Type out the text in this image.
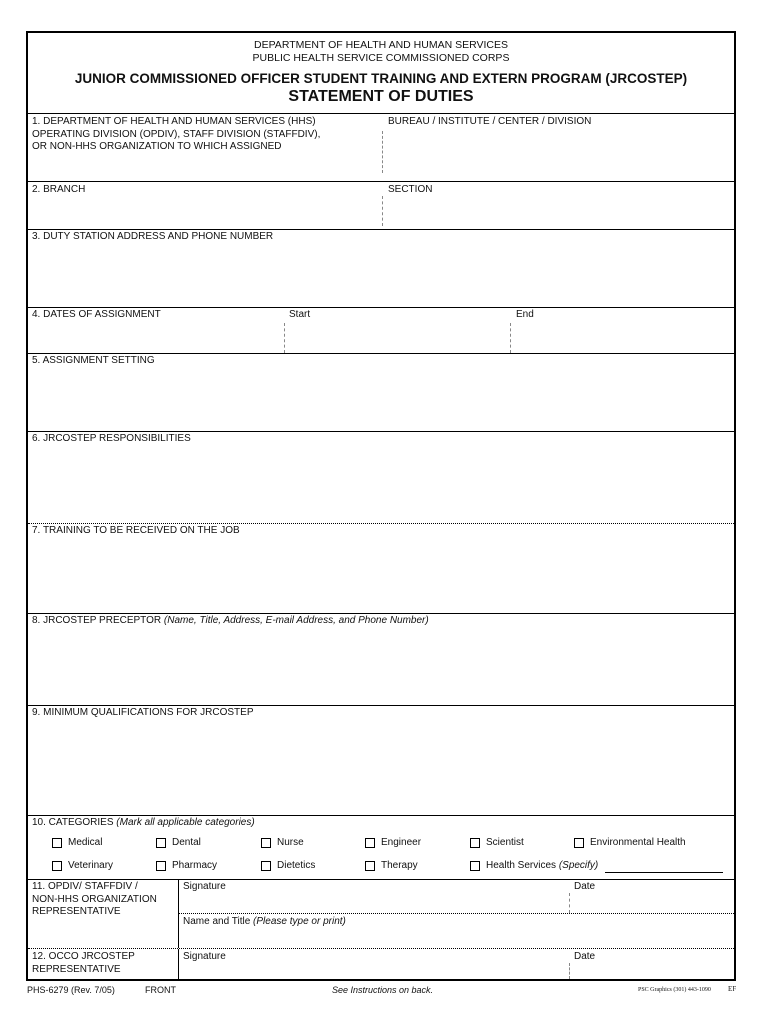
DEPARTMENT OF HEALTH AND HUMAN SERVICES
PUBLIC HEALTH SERVICE COMMISSIONED CORPS
JUNIOR COMMISSIONED OFFICER STUDENT TRAINING AND EXTERN PROGRAM (JRCOSTEP)
STATEMENT OF DUTIES
1. DEPARTMENT OF HEALTH AND HUMAN SERVICES (HHS)
OPERATING DIVISION (OPDIV), STAFF DIVISION (STAFFDIV),
OR NON-HHS ORGANIZATION TO WHICH ASSIGNED
BUREAU / INSTITUTE / CENTER / DIVISION
2. BRANCH	SECTION
3. DUTY STATION ADDRESS AND PHONE NUMBER
4. DATES OF ASSIGNMENT	Start	End
5. ASSIGNMENT SETTING
6. JRCOSTEP RESPONSIBILITIES
7. TRAINING TO BE RECEIVED ON THE JOB
8. JRCOSTEP PRECEPTOR (Name, Title, Address, E-mail Address, and Phone Number)
9. MINIMUM QUALIFICATIONS FOR JRCOSTEP
10. CATEGORIES (Mark all applicable categories)
Medical	Dental	Nurse	Engineer	Scientist	Environmental Health
Veterinary	Pharmacy	Dietetics	Therapy	Health Services (Specify)
11. OPDIV/ STAFFDIV /
NON-HHS ORGANIZATION
REPRESENTATIVE
Signature	Date
Name and Title (Please type or print)
12. OCCO JRCOSTEP
REPRESENTATIVE
Signature	Date
PHS-6279 (Rev. 7/05)	FRONT	See Instructions on back.	PSC Graphics (301) 443-1090 EF
